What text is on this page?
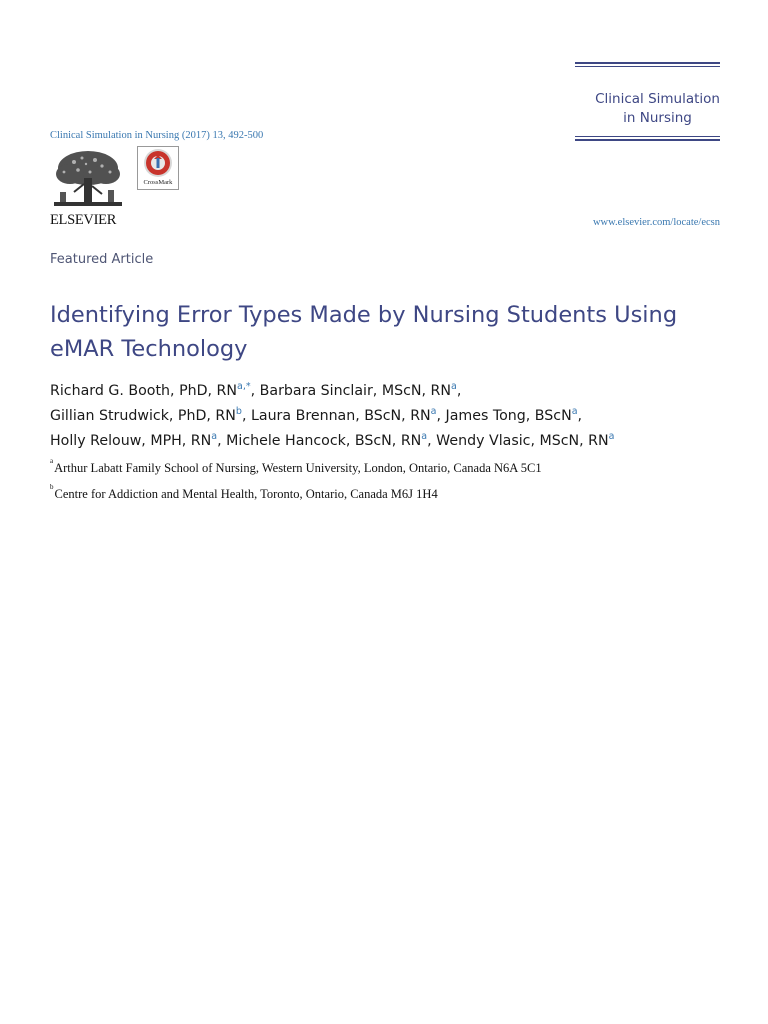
Clinical Simulation
in Nursing
Clinical Simulation in Nursing (2017) 13, 492-500
ELSEVIER
CrossMark
www.elsevier.com/locate/ecsn
Featured Article
Identifying Error Types Made by Nursing Students Using eMAR Technology
Richard G. Booth, PhD, $RN^{a,*}$, Barbara Sinclair, MScN, $RN^a$,
Gillian Strudwick, PhD, $RN^b$, Laura Brennan, BScN, $RN^a$, James Tong, BScN$^a$,
Holly Relouw, MPH, $RN^a$, Michele Hancock, BScN, $RN^a$, Wendy Vlasic, MScN, $RN^a$
$^a$Arthur Labatt Family School of Nursing, Western University, London, Ontario, Canada N6A 5C1
$^b$Centre for Addiction and Mental Health, Toronto, Ontario, Canada M6J 1H4
